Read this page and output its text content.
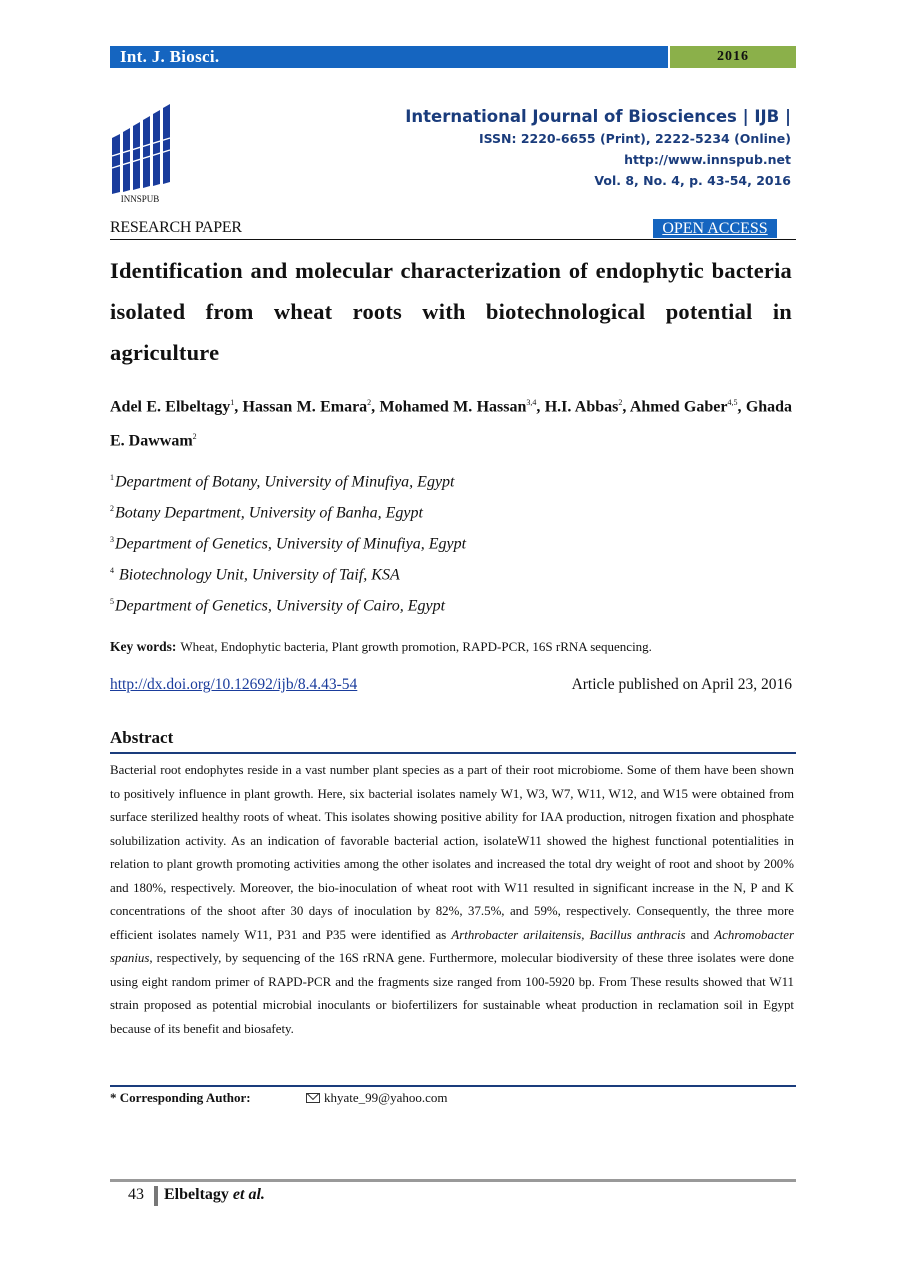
Int. J. Biosci.	2016
INNSPUB
International Journal of Biosciences | IJB |
ISSN: 2220-6655 (Print), 2222-5234 (Online)
http://www.innspub.net
Vol. 8, No. 4, p. 43-54, 2016
RESEARCH PAPER	OPEN ACCESS
Identification and molecular characterization of endophytic bacteria isolated from wheat roots with biotechnological potential in agriculture
Adel E. Elbeltagy$^1$, Hassan M. Emara$^2$, Mohamed M. Hassan$^{3,4}$, H.I. Abbas$^2$, Ahmed Gaber$^{4,5}$, Ghada E. Dawwam$^2$
$^1$Department of Botany, University of Minufiya, Egypt
$^2$Botany Department, University of Banha, Egypt
$^3$Department of Genetics, University of Minufiya, Egypt
$^4$ Biotechnology Unit, University of Taif, KSA
$^5$Department of Genetics, University of Cairo, Egypt
Key words: Wheat, Endophytic bacteria, Plant growth promotion, RAPD-PCR, 16S rRNA sequencing.
http://dx.doi.org/10.12692/ijb/8.4.43-54	Article published on April 23, 2016
Abstract
Bacterial root endophytes reside in a vast number plant species as a part of their root microbiome. Some of them have been shown to positively influence in plant growth. Here, six bacterial isolates namely W1, W3, W7, W11, W12, and W15 were obtained from surface sterilized healthy roots of wheat. This isolates showing positive ability for IAA production, nitrogen fixation and phosphate solubilization activity. As an indication of favorable bacterial action, isolateW11 showed the highest functional potentialities in relation to plant growth promoting activities among the other isolates and increased the total dry weight of root and shoot by 200% and 180%, respectively. Moreover, the bio-inoculation of wheat root with W11 resulted in significant increase in the N, P and K concentrations of the shoot after 30 days of inoculation by 82%, 37.5%, and 59%, respectively. Consequently, the three more efficient isolates namely W11, P31 and P35 were identified as Arthrobacter arilaitensis, Bacillus anthracis and Achromobacter spanius, respectively, by sequencing of the 16S rRNA gene. Furthermore, molecular biodiversity of these three isolates were done using eight random primer of RAPD-PCR and the fragments size ranged from 100-5920 bp. From These results showed that W11 strain proposed as potential microbial inoculants or biofertilizers for sustainable wheat production in reclamation soil in Egypt because of its benefit and biosafety.
* Corresponding Author:	khyate_99@yahoo.com
43 Elbeltagy et al.
